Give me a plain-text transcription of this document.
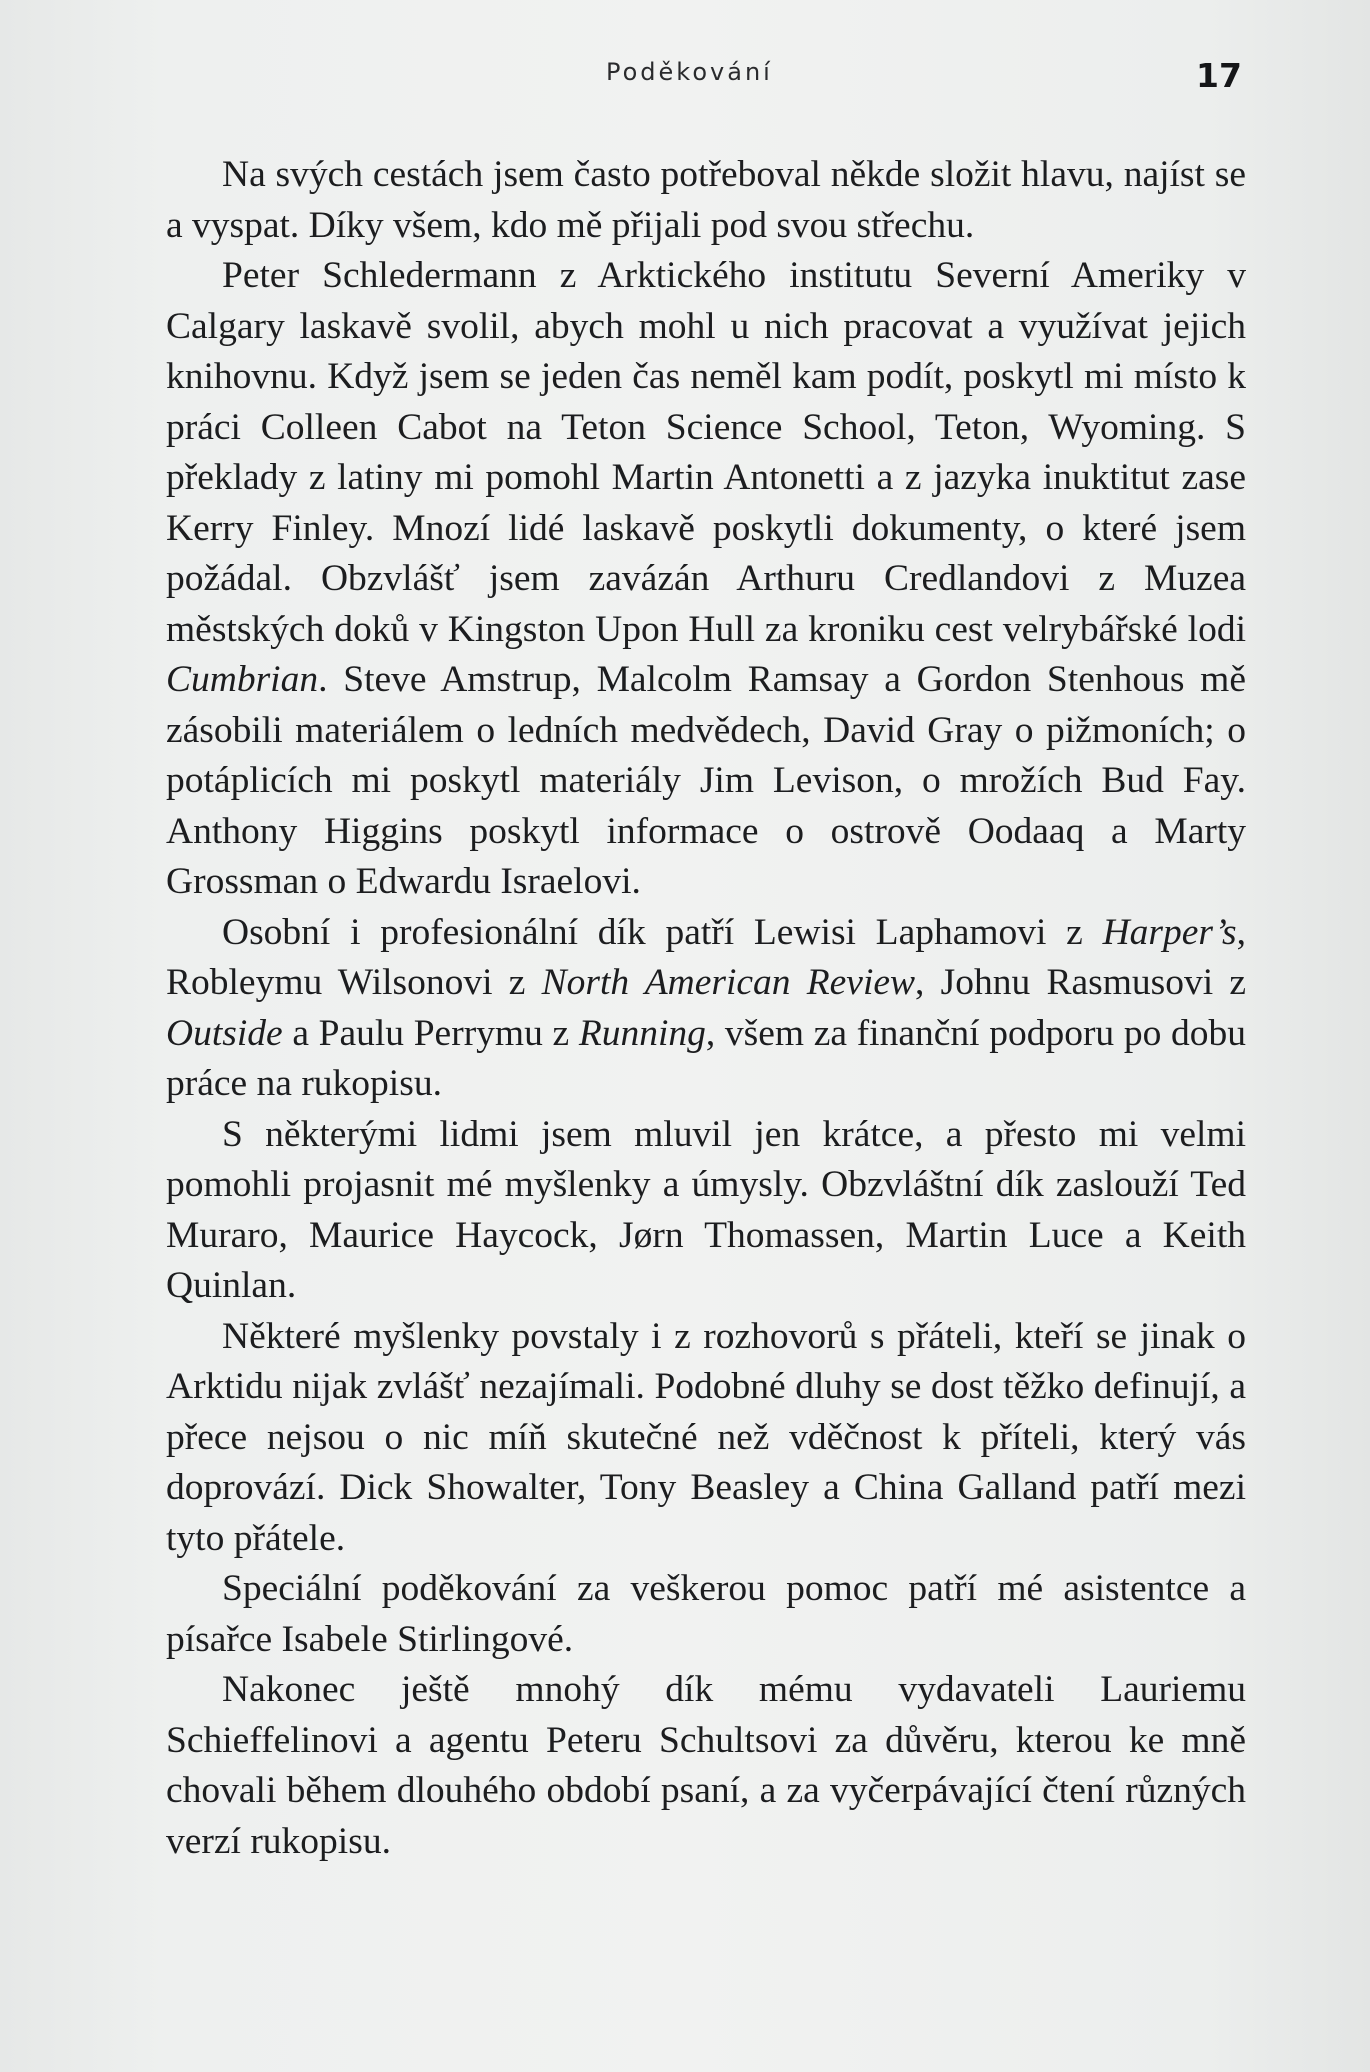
Poděkování	17

Na svých cestách jsem často potřeboval někde složit hlavu, najíst se a vyspat. Díky všem, kdo mě přijali pod svou střechu.

Peter Schledermann z Arktického institutu Severní Ameriky v Calgary laskavě svolil, abych mohl u nich pracovat a využívat jejich knihovnu. Když jsem se jeden čas neměl kam podít, poskytl mi místo k práci Colleen Cabot na Teton Science School, Teton, Wyoming. S překlady z latiny mi pomohl Martin Antonetti a z jazyka inuktitut zase Kerry Finley. Mnozí lidé laskavě poskytli dokumenty, o které jsem požádal. Obzvlášť jsem zavázán Arthuru Credlandovi z Muzea městských doků v Kingston Upon Hull za kroniku cest velrybářské lodi Cumbrian. Steve Amstrup, Malcolm Ramsay a Gordon Stenhous mě zásobili materiálem o ledních medvědech, David Gray o pižmoních; o potáplicích mi poskytl materiály Jim Levison, o mrožích Bud Fay. Anthony Higgins poskytl informace o ostrově Oodaaq a Marty Grossman o Edwardu Israelovi.

Osobní i profesionální dík patří Lewisi Laphamovi z Harper’s, Robleymu Wilsonovi z North American Review, Johnu Rasmusovi z Outside a Paulu Perrymu z Running, všem za finanční podporu po dobu práce na rukopisu.

S některými lidmi jsem mluvil jen krátce, a přesto mi velmi pomohli projasnit mé myšlenky a úmysly. Obzvláštní dík zaslouží Ted Muraro, Maurice Haycock, Jørn Thomassen, Martin Luce a Keith Quinlan.

Některé myšlenky povstaly i z rozhovorů s přáteli, kteří se jinak o Arktidu nijak zvlášť nezajímali. Podobné dluhy se dost těžko definují, a přece nejsou o nic míň skutečné než vděčnost k příteli, který vás doprovází. Dick Showalter, Tony Beasley a China Galland patří mezi tyto přátele.

Speciální poděkování za veškerou pomoc patří mé asistentce a písařce Isabele Stirlingové.

Nakonec ještě mnohý dík mému vydavateli Lauriemu Schieffelinovi a agentu Peteru Schultsovi za důvěru, kterou ke mně chovali během dlouhého období psaní, a za vyčerpávající čtení různých verzí rukopisu.
